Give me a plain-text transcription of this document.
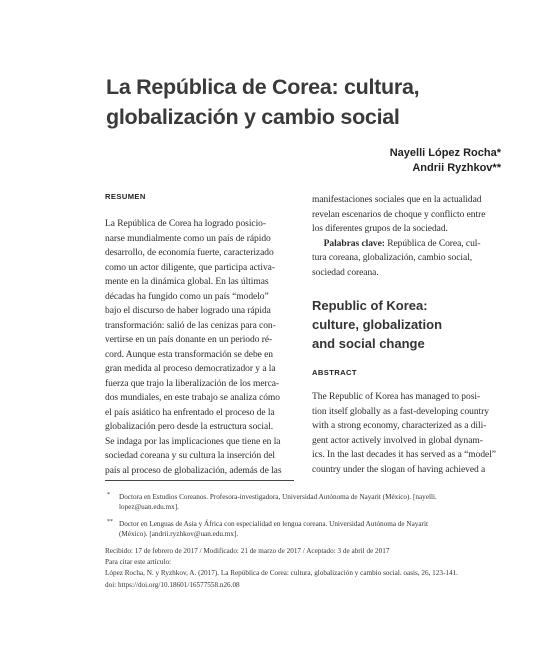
La República de Corea: cultura,
globalización y cambio social
Nayelli López Rocha*
Andrii Ryzhkov**
RESUMEN

La República de Corea ha logrado posicio-
narse mundialmente como un país de rápido
desarrollo, de economía fuerte, caracterizado
como un actor diligente, que participa activa-
mente en la dinámica global. En las últimas
décadas ha fungido como un país “modelo”
bajo el discurso de haber logrado una rápida
transformación: salió de las cenizas para con-
vertirse en un país donante en un periodo ré-
cord. Aunque esta transformación se debe en
gran medida al proceso democratizador y a la
fuerza que trajo la liberalización de los merca-
dos mundiales, en este trabajo se analiza cómo
el país asiático ha enfrentado el proceso de la
globalización pero desde la estructura social.
Se indaga por las implicaciones que tiene en la
sociedad coreana y su cultura la inserción del
país al proceso de globalización, además de las

manifestaciones sociales que en la actualidad
revelan escenarios de choque y conflicto entre
los diferentes grupos de la sociedad.

Palabras clave: República de Corea, cul-
tura coreana, globalización, cambio social,
sociedad coreana.

Republic of Korea:
culture, globalization
and social change
ABSTRACT

The Republic of Korea has managed to posi-
tion itself globally as a fast-developing country
with a strong economy, characterized as a dili-
gent actor actively involved in global dynam-
ics. In the last decades it has served as a “model”
country under the slogan of having achieved a

* Doctora en Estudios Coreanos. Profesora-investigadora, Universidad Autónoma de Nayarit (México). [nayelli.
lopez@uan.edu.mx].

** Doctor en Lenguas de Asia y África con especialidad en lengua coreana. Universidad Autónoma de Nayarit
(México). [andrii.ryzhkov@uan.edu.mx].

Recibido: 17 de febrero de 2017 / Modificado: 21 de marzo de 2017 / Aceptado: 3 de abril de 2017

Para citar este artículo:

López Rocha, N. y Ryzhkov, A. (2017). La República de Corea: cultura, globalización y cambio social. oasis, 26, 123-141.

doi: https://doi.org/10.18601/16577558.n26.08
